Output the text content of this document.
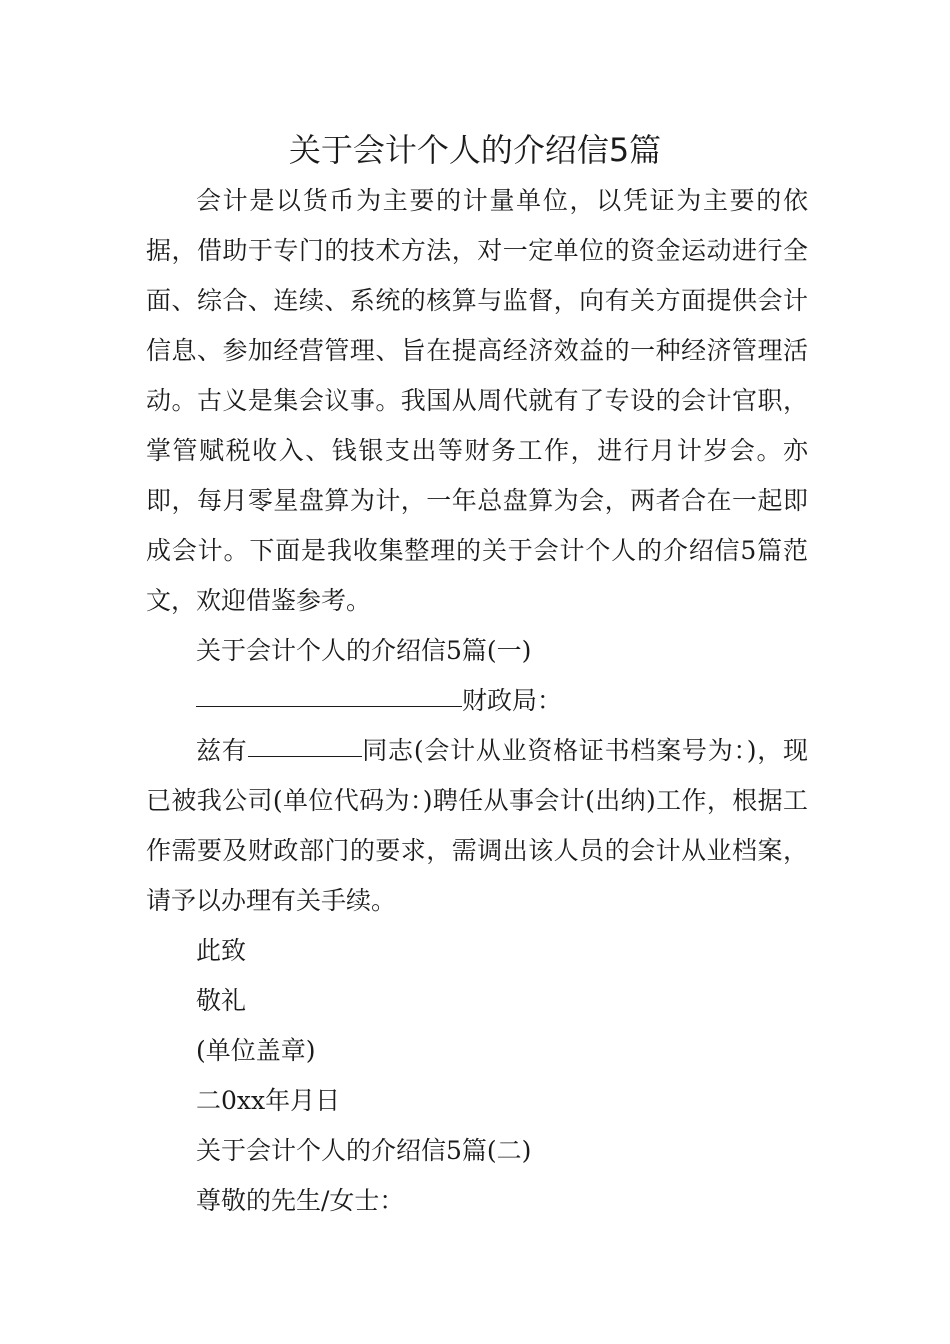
关于会计个人的介绍信5篇

会计是以货币为主要的计量单位，以凭证为主要的依据，借助于专门的技术方法，对一定单位的资金运动进行全面、综合、连续、系统的核算与监督，向有关方面提供会计信息、参加经营管理、旨在提高经济效益的一种经济管理活动。古义是集会议事。我国从周代就有了专设的会计官职，掌管赋税收入、钱银支出等财务工作，进行月计岁会。亦即，每月零星盘算为计，一年总盘算为会，两者合在一起即成会计。下面是我收集整理的关于会计个人的介绍信5篇范文，欢迎借鉴参考。

关于会计个人的介绍信5篇(一)

财政局：

兹有	同志(会计从业资格证书档案号为：)，现已被我公司(单位代码为：)聘任从事会计(出纳)工作，根据工作需要及财政部门的要求，需调出该人员的会计从业档案，请予以办理有关手续。

此致

敬礼

(单位盖章)

二0xx年月日

关于会计个人的介绍信5篇(二)

尊敬的先生/女士：
